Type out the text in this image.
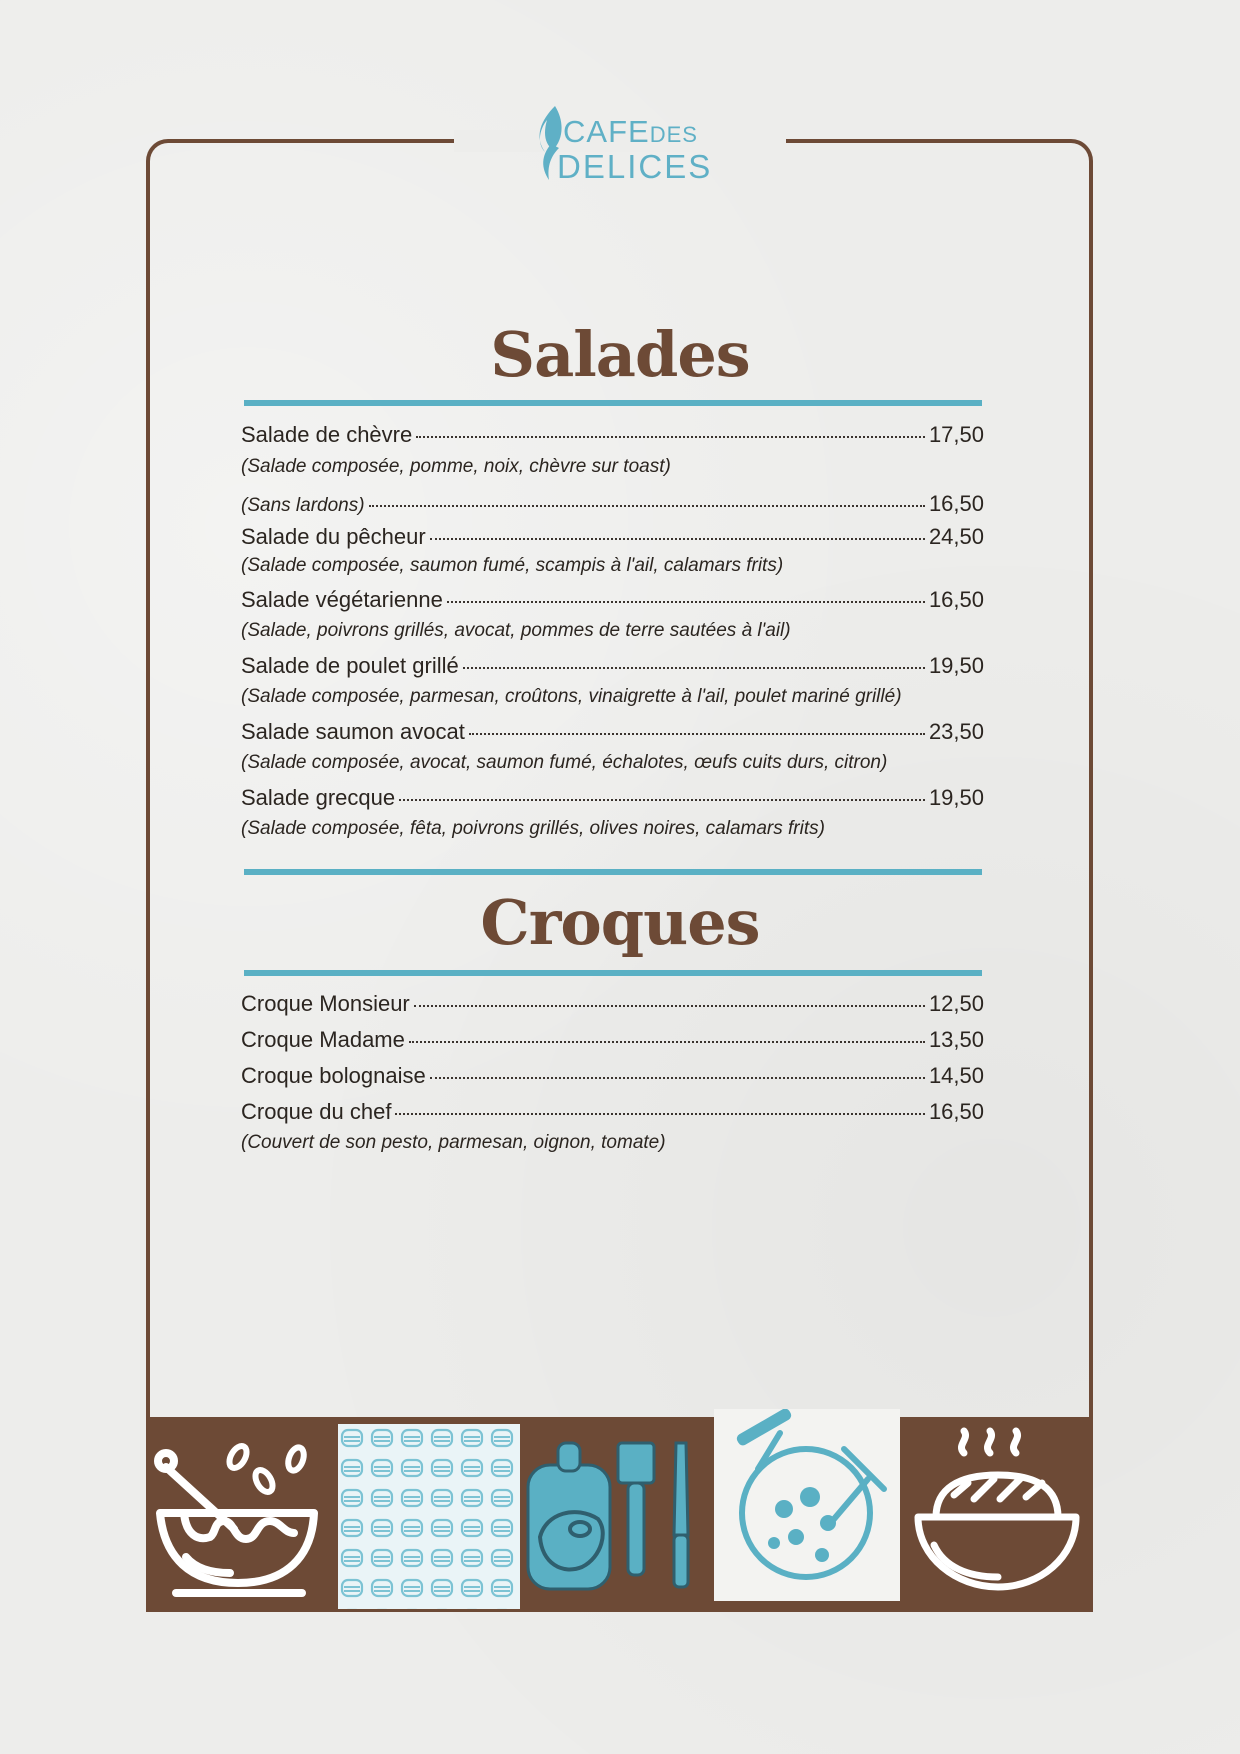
CAFEDES
DELICES
Salades
Salade de chèvre	17,50
(Salade composée, pomme, noix, chèvre sur toast)
(Sans lardons)	16,50
Salade du pêcheur	24,50
(Salade composée, saumon fumé, scampis à l'ail, calamars frits)
Salade végétarienne	16,50
(Salade, poivrons grillés, avocat, pommes de terre sautées à l'ail)
Salade de poulet grillé	19,50
(Salade composée, parmesan, croûtons, vinaigrette à l'ail, poulet mariné grillé)
Salade saumon avocat	23,50
(Salade composée, avocat, saumon fumé, échalotes, œufs cuits durs, citron)
Salade grecque	19,50
(Salade composée, fêta, poivrons grillés, olives noires, calamars frits)
Croques
Croque Monsieur	12,50
Croque Madame	13,50
Croque bolognaise	14,50
Croque du chef	16,50
(Couvert de son pesto, parmesan, oignon, tomate)
